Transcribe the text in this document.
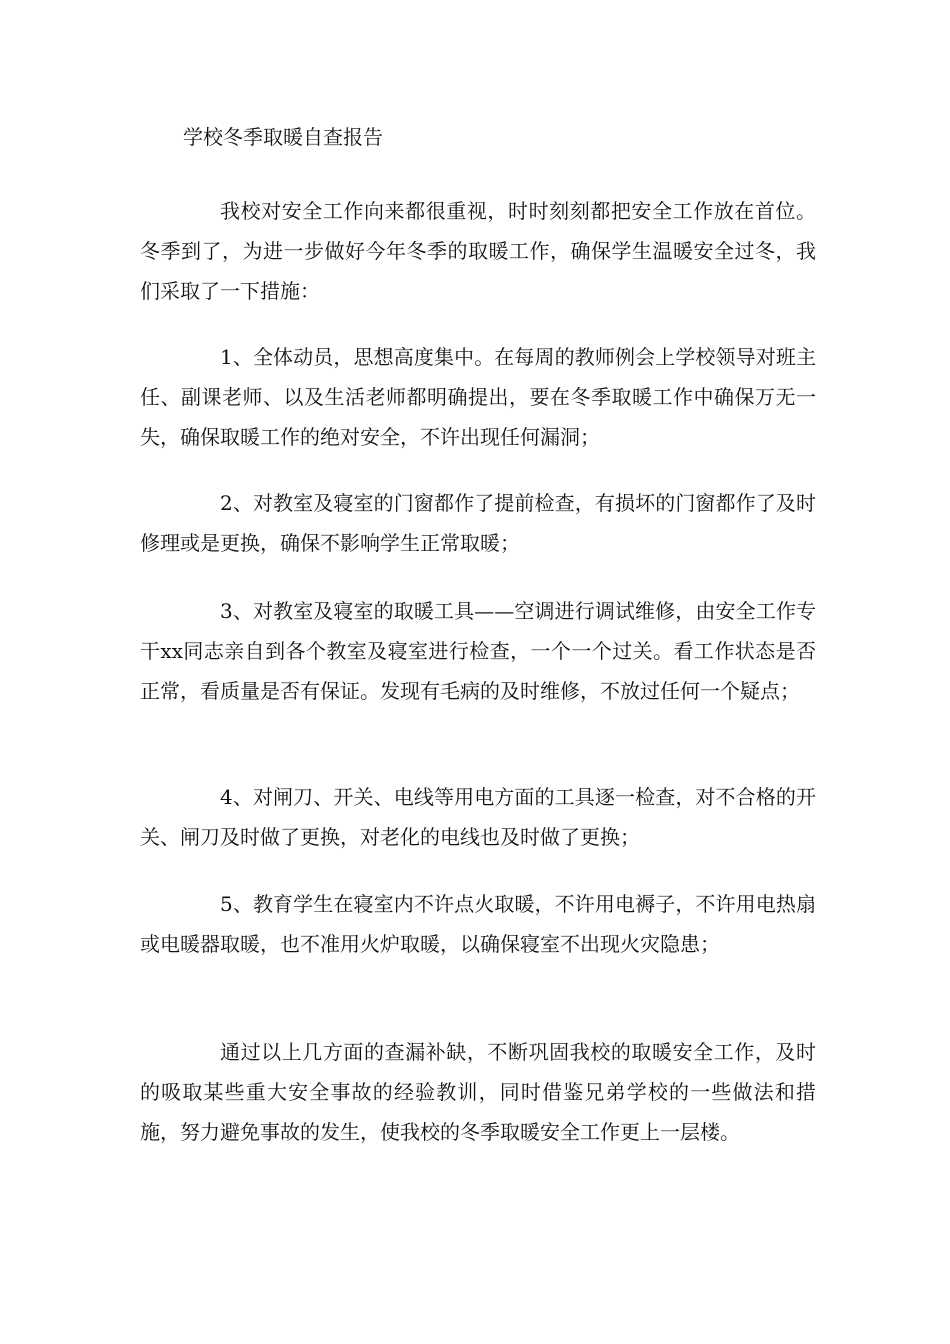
学校冬季取暖自查报告

我校对安全工作向来都很重视，时时刻刻都把安全工作放在首位。冬季到了，为进一步做好今年冬季的取暖工作，确保学生温暖安全过冬，我们采取了一下措施：

1、全体动员，思想高度集中。在每周的教师例会上学校领导对班主任、副课老师、以及生活老师都明确提出，要在冬季取暖工作中确保万无一失，确保取暖工作的绝对安全，不许出现任何漏洞；

2、对教室及寝室的门窗都作了提前检查，有损坏的门窗都作了及时修理或是更换，确保不影响学生正常取暖；

3、对教室及寝室的取暖工具——空调进行调试维修，由安全工作专干xx同志亲自到各个教室及寝室进行检查，一个一个过关。看工作状态是否正常，看质量是否有保证。发现有毛病的及时维修，不放过任何一个疑点；

4、对闸刀、开关、电线等用电方面的工具逐一检查，对不合格的开关、闸刀及时做了更换，对老化的电线也及时做了更换；

5、教育学生在寝室内不许点火取暖，不许用电褥子，不许用电热扇或电暖器取暖，也不准用火炉取暖，以确保寝室不出现火灾隐患；

通过以上几方面的查漏补缺，不断巩固我校的取暖安全工作，及时的吸取某些重大安全事故的经验教训，同时借鉴兄弟学校的一些做法和措施，努力避免事故的发生，使我校的冬季取暖安全工作更上一层楼。
